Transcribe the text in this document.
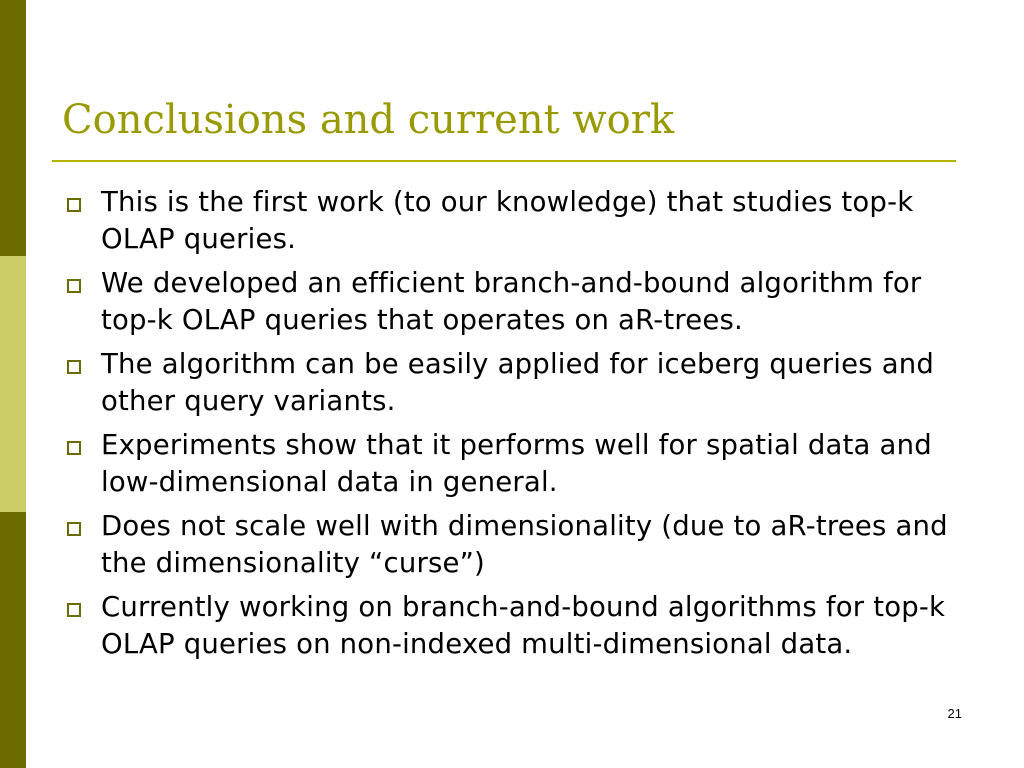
Conclusions and current work
This is the first work (to our knowledge) that studies top-k OLAP queries.
We developed an efficient branch-and-bound algorithm for top-k OLAP queries that operates on aR-trees.
The algorithm can be easily applied for iceberg queries and other query variants.
Experiments show that it performs well for spatial data and low-dimensional data in general.
Does not scale well with dimensionality (due to aR-trees and the dimensionality “curse”)
Currently working on branch-and-bound algorithms for top-k OLAP queries on non-indexed multi-dimensional data.
21
